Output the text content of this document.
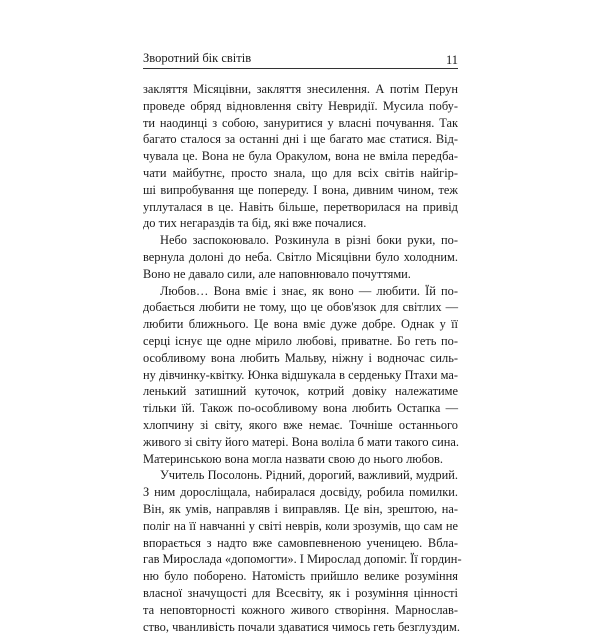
Зворотний бік світів	11
закляття Місяцівни, закляття знесилення. А потім Перун
проведе обряд відновлення світу Невридії. Мусила побу-
ти наодинці з собою, зануритися у власні почування. Так
багато сталося за останні дні і ще багато має статися. Від-
чувала це. Вона не була Оракулом, вона не вміла передба-
чати майбутнє, просто знала, що для всіх світів найгір-
ші випробування ще попереду. І вона, дивним чином, теж
уплуталася в це. Навіть більше, перетворилася на привід
до тих негараздів та бід, які вже почалися.
Небо заспокоювало. Розкинула в різні боки руки, по-
вернула долоні до неба. Світло Місяцівни було холодним.
Воно не давало сили, але наповнювало почуттями.
Любов… Вона вміє і знає, як воно — любити. Їй по-
добається любити не тому, що це обов'язок для світлих —
любити ближнього. Це вона вміє дуже добре. Однак у її
серці існує ще одне мірило любові, приватне. Бо геть по-
особливому вона любить Мальву, ніжну і водночас силь-
ну дівчинку-квітку. Юнка відшукала в серденьку Птахи ма-
ленький затишний куточок, котрий довіку належатиме
тільки їй. Також по-особливому вона любить Остапка —
хлопчину зі світу, якого вже немає. Точніше останнього
живого зі світу його матері. Вона воліла б мати такого сина.
Материнською вона могла назвати свою до нього любов.
Учитель Посолонь. Рідний, дорогий, важливий, мудрий.
З ним доросліщала, набиралася досвіду, робила помилки.
Він, як умів, направляв і виправляв. Це він, зрештою, на-
поліг на її навчанні у світі неврів, коли зрозумів, що сам не
впорається з надто вже самовпевненою ученицею. Вбла-
гав Мирослада «допомогти». І Мирослад допоміг. Її гордин-
ню було поборено. Натомість прийшло велике розуміння
власної значущості для Всесвіту, як і розуміння цінності
та неповторності кожного живого створіння. Марнослав-
ство, чванливість почали здаватися чимось геть безглуздим.
